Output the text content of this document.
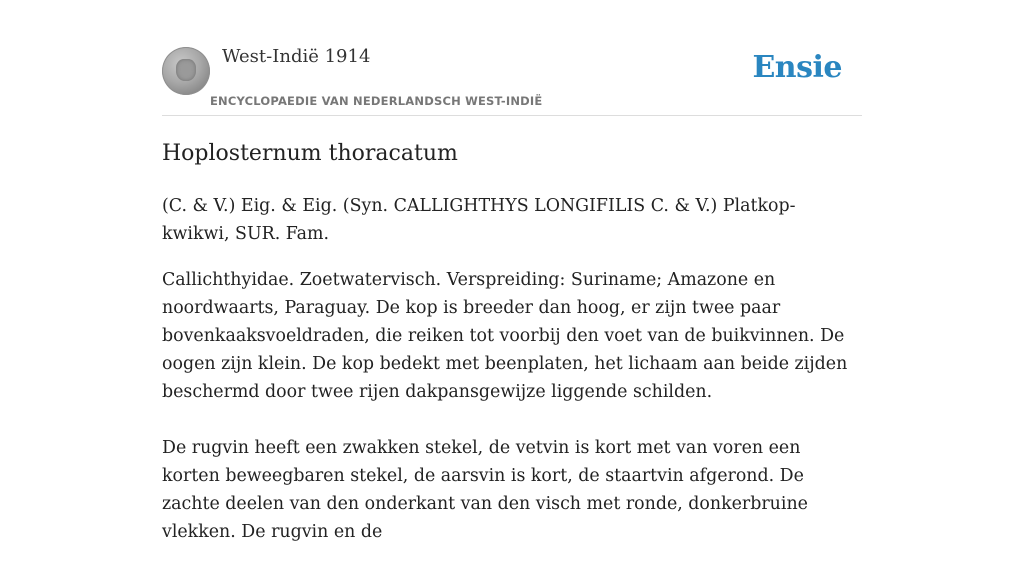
West-Indië 1914
ENCYCLOPAEDIE VAN NEDERLANDSCH WEST-INDIË
Ensie
Hoplosternum thoracatum

(C. & V.) Eig. & Eig. (Syn. CALLIGHTHYS LONGIFILIS C. & V.) Platkop-kwikwi, SUR. Fam.

Callichthyidae. Zoetwatervisch. Verspreiding: Suriname; Amazone en noordwaarts, Paraguay. De kop is breeder dan hoog, er zijn twee paar bovenkaaksvoeldraden, die reiken tot voorbij den voet van de buikvinnen. De oogen zijn klein. De kop bedekt met beenplaten, het lichaam aan beide zijden beschermd door twee rijen dakpansgewijze liggende schilden.

De rugvin heeft een zwakken stekel, de vetvin is kort met van voren een korten beweegbaren stekel, de aarsvin is kort, de staartvin afgerond. De zachte deelen van den onderkant van den visch met ronde, donkerbruine vlekken. De rugvin en de
